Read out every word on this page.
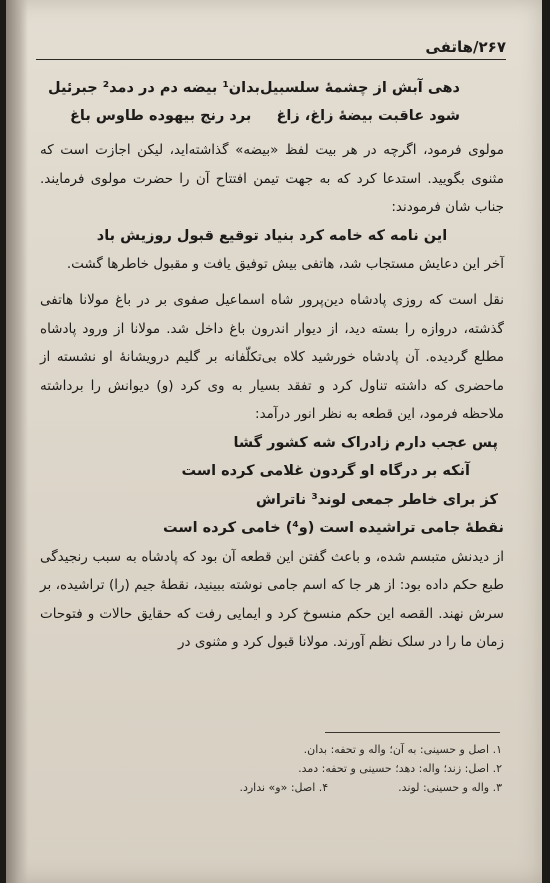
۲۶۷/هاتفی
دهی آبش از چشمهٔ سلسبیل
بدان¹ بیضه دم در دمد² جبرئیل
شود عاقبت بیضهٔ زاغ، زاغ
برد رنج بیهوده طاوس باغ

مولوی فرمود، اگرچه در هر بیت لفظ «بیضه» گذاشته‌اید، لیکن اجازت است که مثنوی بگویید. استدعا کرد که به جهت تیمن افتتاح آن را حضرت مولوی فرمایند. جناب شان فرمودند:

این نامه که خامه کرد بنیاد توقیع قبول روزیش باد

آخر این دعایش مستجاب شد، هاتفی بیش توفیق یافت و مقبول خاطرها گشت.

نقل است که روزی پادشاه دین‌پرور شاه اسماعیل صفوی بر در باغ مولانا هاتفی گذشته، دروازه را بسته دید، از دیوار اندرون باغ داخل شد. مولانا از ورود پادشاه مطلع گردیده. آن پادشاه خورشید کلاه بی‌تکلّفانه بر گلیم درویشانهٔ او نشسته از ماحضری که داشته تناول کرد و تفقد بسیار به وی کرد (و) دیوانش را برداشته ملاحظه فرمود، این قطعه به نظر انور درآمد:

پس عجب دارم زادراک شه کشور گشا
آنکه بر درگاه او گردون غلامی کرده است
کز برای خاطر جمعی لوند³ ناتراش
نقطهٔ جامی تراشیده است (و⁴) خامی کرده است

از دیدنش متبسم شده، و باعث گفتن این قطعه آن بود که پادشاه به سبب رنجیدگی طبع حکم داده بود: از هر جا که اسم جامی نوشته ببینید، نقطهٔ جیم (را) تراشیده، بر سرش نهند. القصه این حکم منسوخ کرد و ایمایی رفت که حقایق حالات و فتوحات زمان ما را در سلک نظم آورند. مولانا قبول کرد و مثنوی در

۱. اصل و حسینی: به آن؛ واله و تحفه: بدان.
۲. اصل: زند؛ واله: دهد؛ حسینی و تحفه: دمد.
۳. واله و حسینی: لوند.
۴. اصل: «و» ندارد.
